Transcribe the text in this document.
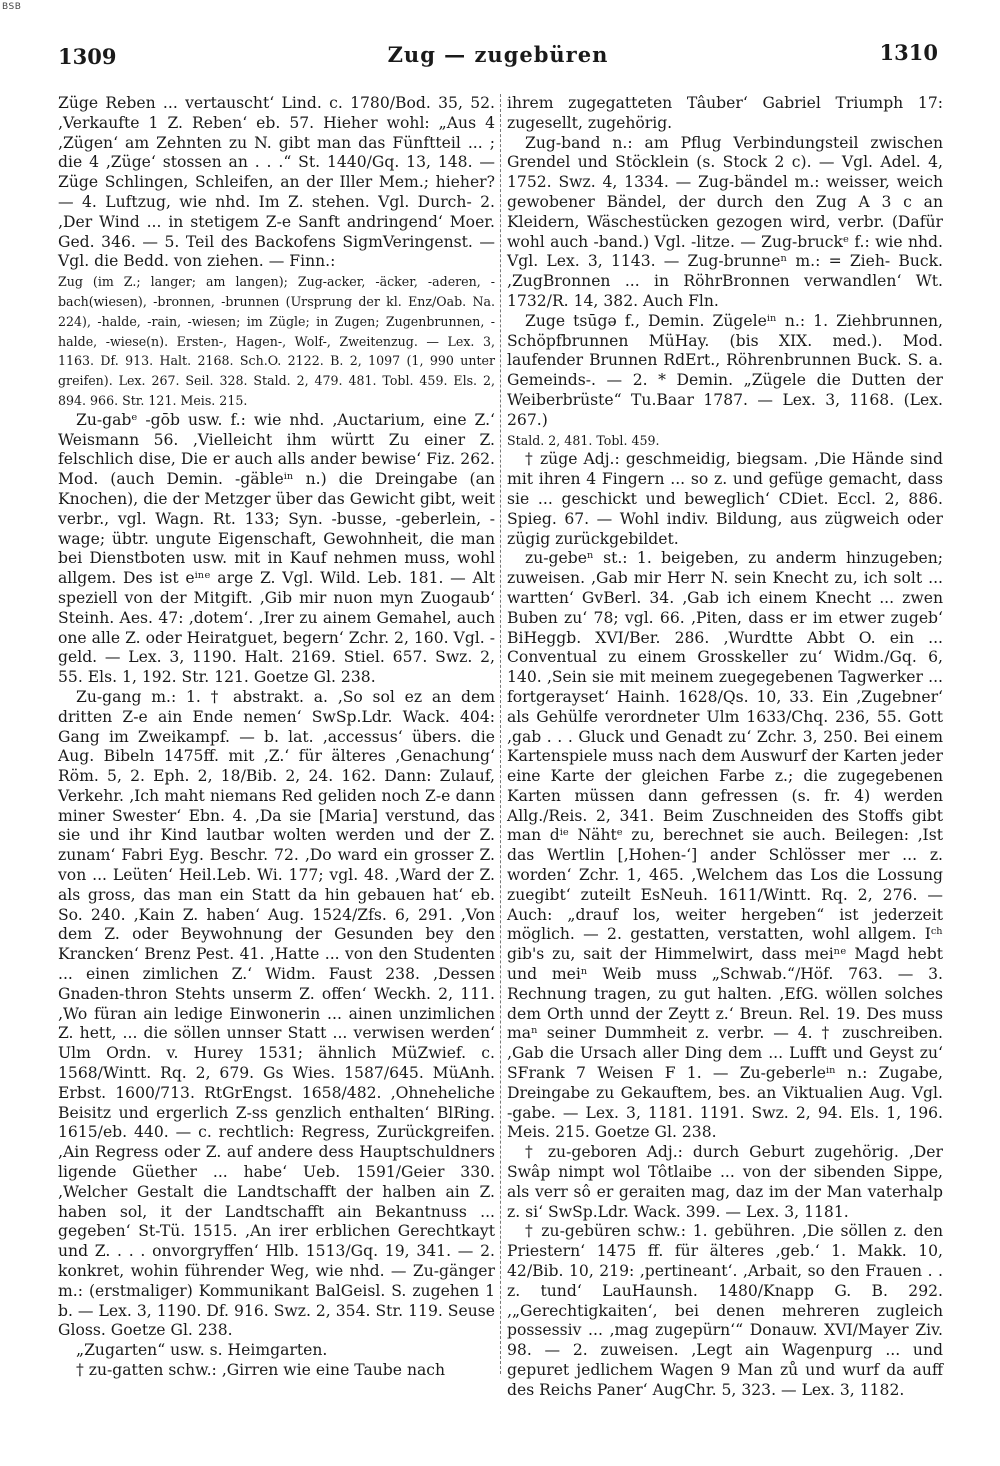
BSB
1309	Zug — zugebüren	1310

Züge Reben ... vertauscht‘ Lind. c. 1780/Bod. 35, 52. ‚Verkaufte 1 Z. Reben‘ eb. 57. Hieher wohl: „Aus 4 ‚Zügen‘ am Zehnten zu N. gibt man das Fünftteil ... ; die 4 ‚Züge‘ stossen an . . .“ St. 1440/Gq. 13, 148. — Züge Schlingen, Schleifen, an der Iller Mem.; hieher? — 4. Luftzug, wie nhd. Im Z. stehen. Vgl. Durch- 2. ‚Der Wind ... in stetigem Z-e Sanft andringend‘ Moer. Ged. 346. — 5. Teil des Backofens SigmVeringenst. — Vgl. die Bedd. von ziehen. — Finn.:

Zug (im Z.; langer; am langen); Zug-acker, -äcker, -aderen, -bach(wiesen), -bronnen, -brunnen (Ursprung der kl. Enz/Oab. Na. 224), -halde, -rain, -wiesen; im Zügle; in Zugen; Zugenbrunnen, -halde, -wiese(n). Ersten-, Hagen-, Wolf-, Zweitenzug. — Lex. 3, 1163. Df. 913. Halt. 2168. Sch.O. 2122. B. 2, 1097 (1, 990 unter greifen). Lex. 267. Seil. 328. Stald. 2, 479. 481. Tobl. 459. Els. 2, 894. 966. Str. 121. Meis. 215.

Zu-gabᵉ -gōb usw. f.: wie nhd. ‚Auctarium, eine Z.‘ Weismann 56. ‚Vielleicht ihm württ Zu einer Z. felschlich dise, Die er auch alls ander bewise‘ Fiz. 262. Mod. (auch Demin. -gäbleⁱⁿ n.) die Dreingabe (an Knochen), die der Metzger über das Gewicht gibt, weit verbr., vgl. Wagn. Rt. 133; Syn. -busse, -geberlein, -wage; übtr. ungute Eigenschaft, Gewohnheit, die man bei Dienstboten usw. mit in Kauf nehmen muss, wohl allgem. Des ist eⁱⁿᵉ arge Z. Vgl. Wild. Leb. 181. — Alt speziell von der Mitgift. ‚Gib mir nuon myn Zuogaub‘ Steinh. Aes. 47: ‚dotem‘. ‚Irer zu ainem Gemahel, auch one alle Z. oder Heiratguet, begern‘ Zchr. 2, 160. Vgl. -geld. — Lex. 3, 1190. Halt. 2169. Stiel. 657. Swz. 2, 55. Els. 1, 192. Str. 121. Goetze Gl. 238.

Zu-gang m.: 1. † abstrakt. a. ‚So sol ez an dem dritten Z-e ain Ende nemen‘ SwSp.Ldr. Wack. 404: Gang im Zweikampf. — b. lat. ‚accessus‘ übers. die Aug. Bibeln 1475ff. mit ‚Z.‘ für älteres ‚Genachung‘ Röm. 5, 2. Eph. 2, 18/Bib. 2, 24. 162. Dann: Zulauf, Verkehr. ‚Ich maht niemans Red geliden noch Z-e dann miner Swester‘ Ebn. 4. ‚Da sie [Maria] verstund, das sie und ihr Kind lautbar wolten werden und der Z. zunam‘ Fabri Eyg. Beschr. 72. ‚Do ward ein grosser Z. von ... Leüten‘ Heil.Leb. Wi. 177; vgl. 48. ‚Ward der Z. als gross, das man ein Statt da hin gebauen hat‘ eb. So. 240. ‚Kain Z. haben‘ Aug. 1524/Zfs. 6, 291. ‚Von dem Z. oder Beywohnung der Gesunden bey den Krancken‘ Brenz Pest. 41. ‚Hatte ... von den Studenten ... einen zimlichen Z.‘ Widm. Faust 238. ‚Dessen Gnaden-thron Stehts unserm Z. offen‘ Weckh. 2, 111. ‚Wo füran ain ledige Einwonerin ... ainen unzimlichen Z. hett, ... die söllen unnser Statt ... verwisen werden‘ Ulm Ordn. v. Hurey 1531; ähnlich MüZwief. c. 1568/Wintt. Rq. 2, 679. Gs Wies. 1587/645. MüAnh. Erbst. 1600/713. RtGrEngst. 1658/482. ‚Ohneheliche Beisitz und ergerlich Z-ss genzlich enthalten‘ BlRing. 1615/eb. 440. — c. rechtlich: Regress, Zurückgreifen. ‚Ain Regress oder Z. auf andere dess Hauptschuldners ligende Güether ... habe‘ Ueb. 1591/Geier 330. ‚Welcher Gestalt die Landtschafft der halben ain Z. haben sol, it der Landtschafft ain Bekantnuss ... gegeben‘ St-Tü. 1515. ‚An irer erblichen Gerechtkayt und Z. . . . onvorgryffen‘ Hlb. 1513/Gq. 19, 341. — 2. konkret, wohin führender Weg, wie nhd. — Zu-gänger m.: (erstmaliger) Kommunikant BalGeisl. S. zugehen 1 b. — Lex. 3, 1190. Df. 916. Swz. 2, 354. Str. 119. Seuse Gloss. Goetze Gl. 238.

„Zugarten“ usw. s. Heimgarten.

† zu-gatten schw.: ‚Girren wie eine Taube nach

ihrem zugegatteten Tâuber‘ Gabriel Triumph 17: zugesellt, zugehörig.

Zug-band n.: am Pflug Verbindungsteil zwischen Grendel und Stöcklein (s. Stock 2 c). — Vgl. Adel. 4, 1752. Swz. 4, 1334. — Zug-bändel m.: weisser, weich gewobener Bändel, der durch den Zug A 3 c an Kleidern, Wäschestücken gezogen wird, verbr. (Dafür wohl auch -band.) Vgl. -litze. — Zug-bruckᵉ f.: wie nhd. Vgl. Lex. 3, 1143. — Zug-brunneⁿ m.: = Zieh- Buck. ‚ZugBronnen ... in RöhrBronnen verwandlen‘ Wt. 1732/R. 14, 382. Auch Fln.

Zuge tsūgə f., Demin. Zügeleⁱⁿ n.: 1. Ziehbrunnen, Schöpfbrunnen MüHay. (bis XIX. med.). Mod. laufender Brunnen RdErt., Röhrenbrunnen Buck. S. a. Gemeinds-. — 2. * Demin. „Zügele die Dutten der Weiberbrüste“ Tu.Baar 1787. — Lex. 3, 1168. (Lex. 267.)

Stald. 2, 481. Tobl. 459.

† züge Adj.: geschmeidig, biegsam. ‚Die Hände sind mit ihren 4 Fingern ... so z. und gefüge gemacht, dass sie ... geschickt und beweglich‘ CDiet. Eccl. 2, 886. Spieg. 67. — Wohl indiv. Bildung, aus zügweich oder zügig zurückgebildet.

zu-gebeⁿ st.: 1. beigeben, zu anderm hinzugeben; zuweisen. ‚Gab mir Herr N. sein Knecht zu, ich solt ... wartten‘ GvBerl. 34. ‚Gab ich einem Knecht ... zwen Buben zu‘ 78; vgl. 66. ‚Piten, dass er im etwer zugeb‘ BiHeggb. XVI/Ber. 286. ‚Wurdtte Abbt O. ein ... Conventual zu einem Grosskeller zu‘ Widm./Gq. 6, 140. ‚Sein sie mit meinem zuegegebenen Tagwerker ... fortgerayset‘ Hainh. 1628/Qs. 10, 33. Ein ‚Zugebner‘ als Gehülfe verordneter Ulm 1633/Chq. 236, 55. Gott ‚gab . . . Gluck und Genadt zu‘ Zchr. 3, 250. Bei einem Kartenspiele muss nach dem Auswurf der Karten jeder eine Karte der gleichen Farbe z.; die zugegebenen Karten müssen dann gefressen (s. fr. 4) werden Allg./Reis. 2, 341. Beim Zuschneiden des Stoffs gibt man dⁱᵉ Nähtᵉ zu, berechnet sie auch. Beilegen: ‚Ist das Wertlin [‚Hohen-‘] ander Schlösser mer ... z. worden‘ Zchr. 1, 465. ‚Welchem das Los die Lossung zuegibt‘ zuteilt EsNeuh. 1611/Wintt. Rq. 2, 276. — Auch: „drauf los, weiter hergeben“ ist jederzeit möglich. — 2. gestatten, verstatten, wohl allgem. Iᶜʰ gib's zu, sait der Himmelwirt, dass meiⁿᵉ Magd hebt und meiⁿ Weib muss „Schwab.“/Höf. 763. — 3. Rechnung tragen, zu gut halten. ‚EfG. wöllen solches dem Orth unnd der Zeytt z.‘ Breun. Rel. 19. Des muss maⁿ seiner Dummheit z. verbr. — 4. † zuschreiben. ‚Gab die Ursach aller Ding dem ... Lufft und Geyst zu‘ SFrank 7 Weisen F 1. — Zu-geberleⁱⁿ n.: Zugabe, Dreingabe zu Gekauftem, bes. an Viktualien Aug. Vgl. -gabe. — Lex. 3, 1181. 1191. Swz. 2, 94. Els. 1, 196. Meis. 215. Goetze Gl. 238.

† zu-geboren Adj.: durch Geburt zugehörig. ‚Der Swâp nimpt wol Tôtlaibe ... von der sibenden Sippe, als verr sô er geraiten mag, daz im der Man vaterhalp z. si‘ SwSp.Ldr. Wack. 399. — Lex. 3, 1181.

† zu-gebüren schw.: 1. gebühren. ‚Die söllen z. den Priestern‘ 1475 ff. für älteres ‚geb.‘ 1. Makk. 10, 42/Bib. 10, 219: ‚pertineant‘. ‚Arbait, so den Frauen . . z. tund‘ LauHaunsh. 1480/Knapp G. B. 292. ‚„Gerechtigkaiten‘, bei denen mehreren zugleich possessiv ... ‚mag zugepürn‘“ Donauw. XVI/Mayer Ziv. 98. — 2. zuweisen. ‚Legt ain Wagenpurg ... und gepuret jedlichem Wagen 9 Man zů und wurf da auff des Reichs Paner‘ AugChr. 5, 323. — Lex. 3, 1182.
